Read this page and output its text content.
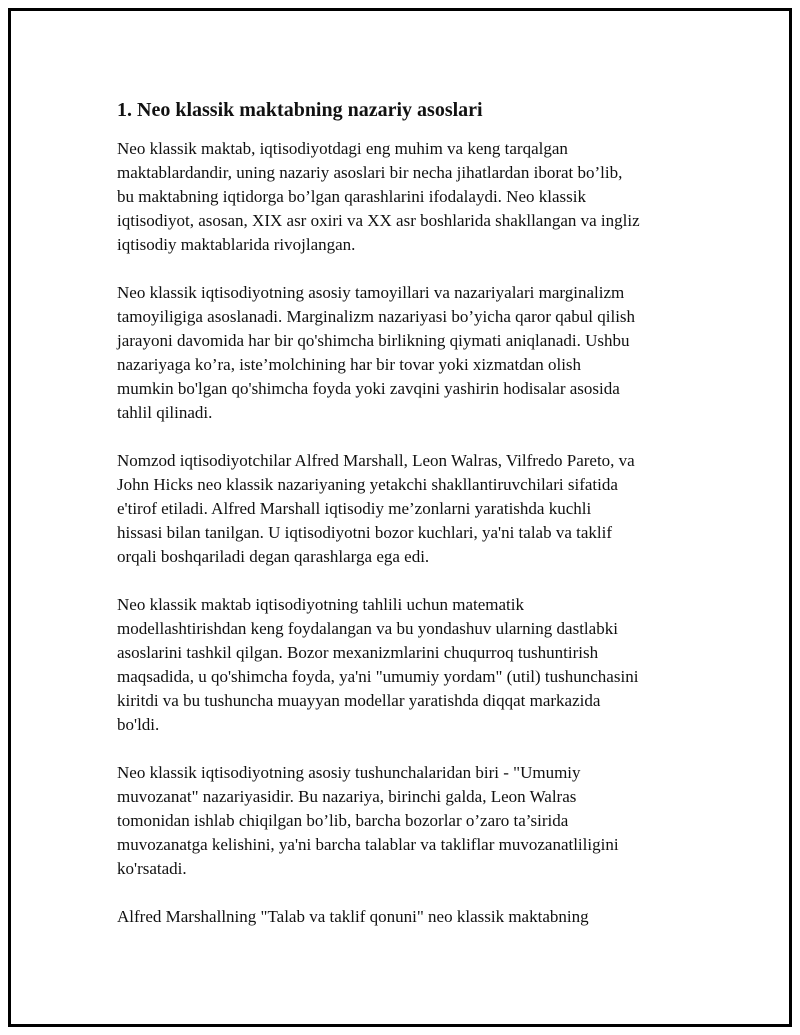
1. Neo klassik maktabning nazariy asoslari

Neo klassik maktab, iqtisodiyotdagi eng muhim va keng tarqalgan
maktablardandir, uning nazariy asoslari bir necha jihatlardan iborat bo’lib,
bu maktabning iqtidorga bo’lgan qarashlarini ifodalaydi. Neo klassik
iqtisodiyot, asosan, XIX asr oxiri va XX asr boshlarida shakllangan va ingliz
iqtisodiy maktablarida rivojlangan.

Neo klassik iqtisodiyotning asosiy tamoyillari va nazariyalari marginalizm
tamoyiligiga asoslanadi. Marginalizm nazariyasi bo’yicha qaror qabul qilish
jarayoni davomida har bir qo'shimcha birlikning qiymati aniqlanadi. Ushbu
nazariyaga ko’ra, iste’molchining har bir tovar yoki xizmatdan olish
mumkin bo'lgan qo'shimcha foyda yoki zavqini yashirin hodisalar asosida
tahlil qilinadi.

Nomzod iqtisodiyotchilar Alfred Marshall, Leon Walras, Vilfredo Pareto, va
John Hicks neo klassik nazariyaning yetakchi shakllantiruvchilari sifatida
e'tirof etiladi. Alfred Marshall iqtisodiy me’zonlarni yaratishda kuchli
hissasi bilan tanilgan. U iqtisodiyotni bozor kuchlari, ya'ni talab va taklif
orqali boshqariladi degan qarashlarga ega edi.

Neo klassik maktab iqtisodiyotning tahlili uchun matematik
modellashtirishdan keng foydalangan va bu yondashuv ularning dastlabki
asoslarini tashkil qilgan. Bozor mexanizmlarini chuqurroq tushuntirish
maqsadida, u qo'shimcha foyda, ya'ni "umumiy yordam" (util) tushunchasini
kiritdi va bu tushuncha muayyan modellar yaratishda diqqat markazida
bo'ldi.

Neo klassik iqtisodiyotning asosiy tushunchalaridan biri - "Umumiy
muvozanat" nazariyasidir. Bu nazariya, birinchi galda, Leon Walras
tomonidan ishlab chiqilgan bo’lib, barcha bozorlar o’zaro ta’sirida
muvozanatga kelishini, ya'ni barcha talablar va takliflar muvozanatliligini
ko'rsatadi.

Alfred Marshallning "Talab va taklif qonuni" neo klassik maktabning
